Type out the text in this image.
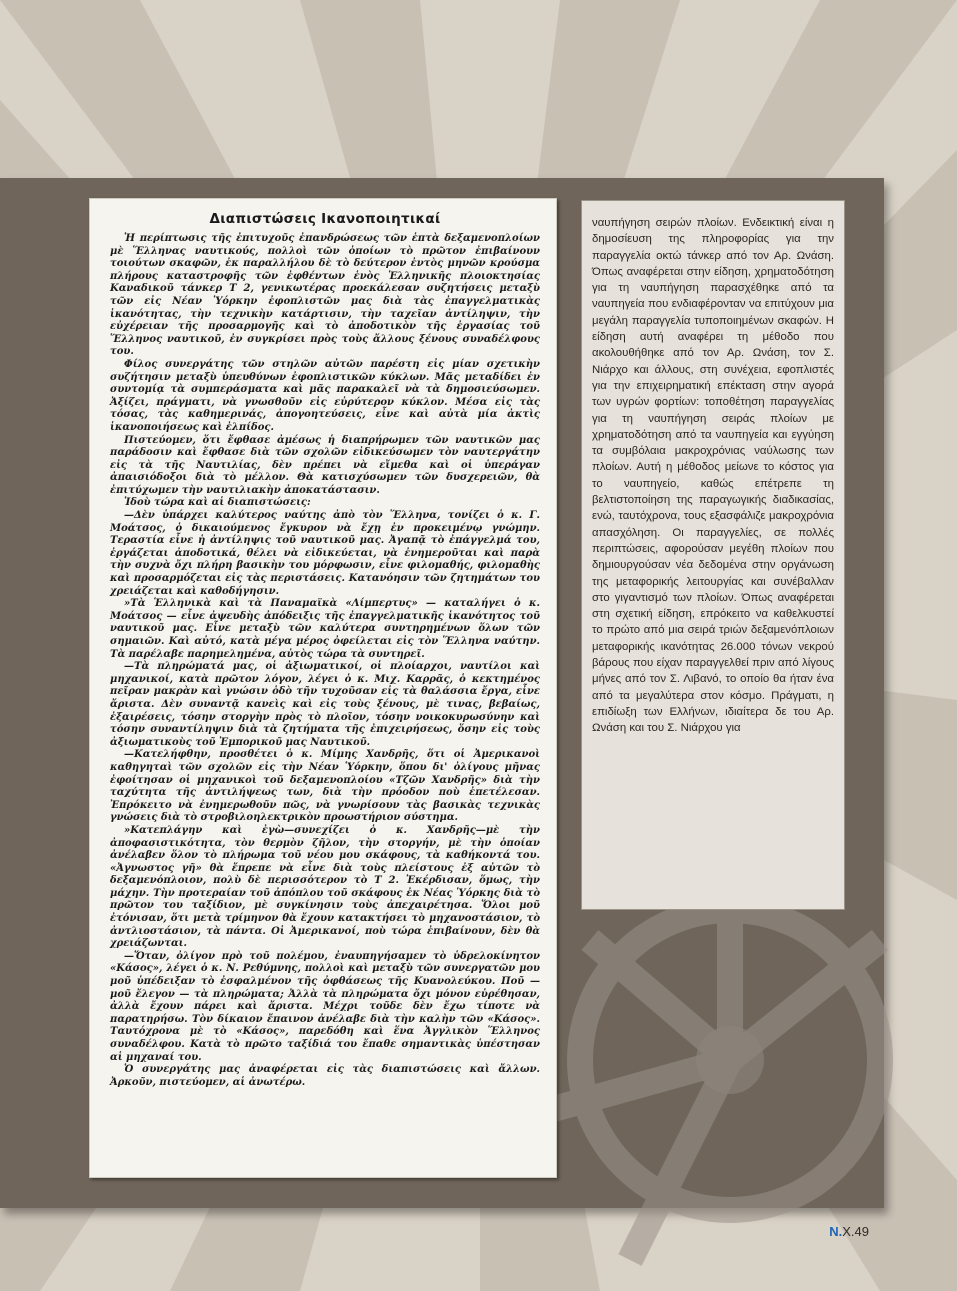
Διαπιστώσεις Ικανοποιητικαί

Ἡ περίπτωσις τῆς ἐπιτυχοῦς ἐπανδρώσεως τῶν ἑπτὰ δεξαμενοπλοίων μὲ Ἕλληνας ναυτικούς, πολλοὶ τῶν ὁποίων τὸ πρῶτον ἐπιβαίνουν τοιούτων σκαφῶν, ἐκ παραλλήλου δὲ τὸ δεύτερον ἐντὸς μηνῶν κρούσμα πλήρους καταστροφῆς τῶν ἐφθέντων ἑνὸς Ἑλληνικῆς πλοιοκτησίας Καναδικοῦ τάνκερ Τ 2, γενικωτέρας προεκάλεσαν συζητήσεις μεταξὺ τῶν εἰς Νέαν Ὑόρκην ἐφοπλιστῶν μας διὰ τὰς ἐπαγγελματικὰς ἱκανότητας, τὴν τεχνικὴν κατάρτισιν, τὴν ταχεῖαν ἀντίληψιν, τὴν εὐχέρειαν τῆς προσαρμογῆς καὶ τὸ ἀποδοτικὸν τῆς ἐργασίας τοῦ Ἕλληνος ναυτικοῦ, ἐν συγκρίσει πρὸς τοὺς ἄλλους ξένους συναδέλφους του.

Φίλος συνεργάτης τῶν στηλῶν αὐτῶν παρέστη εἰς μίαν σχετικὴν συζήτησιν μεταξὺ ὑπευθύνων ἐφοπλιστικῶν κύκλων. Μᾶς μεταδίδει ἐν συντομίᾳ τὰ συμπεράσματα καὶ μᾶς παρακαλεῖ νὰ τὰ δημοσιεύσωμεν. Ἀξίζει, πράγματι, νὰ γνωσθοῦν εἰς εὐρύτερον κύκλον. Μέσα εἰς τὰς τόσας, τὰς καθημερινάς, ἀπογοητεύσεις, εἶνε καὶ αὐτὰ μία ἀκτὶς ἱκανοποιήσεως καὶ ἐλπίδος.

Πιστεύομεν, ὅτι ἔφθασε ἀμέσως ἡ διαπρήρωμεν τῶν ναυτικῶν μας παράδοσιν καὶ ἔφθασε διὰ τῶν σχολῶν εἰδικεύσωμεν τὸν ναυτεργάτην εἰς τὰ τῆς Ναυτιλίας, δὲν πρέπει νὰ εἴμεθα καὶ οἱ ὑπεράγαν ἀπαισιόδοξοι διὰ τὸ μέλλον. Θὰ κατισχύσωμεν τῶν δυσχερειῶν, θὰ ἐπιτύχωμεν τὴν ναυτιλιακὴν ἀποκατάστασιν.

Ἰδοὺ τώρα καὶ αἱ διαπιστώσεις:

—Δὲν ὑπάρχει καλύτερος ναύτης ἀπὸ τὸν Ἕλληνα, τονίζει ὁ κ. Γ. Μοάτσος, ὁ δικαιούμενος ἔγκυρον νὰ ἔχῃ ἐν προκειμένῳ γνώμην. Τεραστία εἶνε ἡ ἀντίληψις τοῦ ναυτικοῦ μας. Ἀγαπᾷ τὸ ἐπάγγελμά του, ἐργάζεται ἀποδοτικά, θέλει νὰ εἰδικεύεται, νὰ ἐνημεροῦται καὶ παρὰ τὴν συχνὰ ὄχι πλήρη βασικὴν του μόρφωσιν, εἶνε φιλομαθής, φιλομαθὴς καὶ προσαρμόζεται εἰς τὰς περιστάσεις. Κατανόησιν τῶν ζητημάτων του χρειάζεται καὶ καθοδήγησιν.

»Τὰ Ἑλληνικὰ καὶ τὰ Παναμαϊκὰ «Λίμπερτυς» — καταλήγει ὁ κ. Μοάτσος — εἶνε ἀψευδὴς ἀπόδειξις τῆς ἐπαγγελματικῆς ἱκανότητος τοῦ ναυτικοῦ μας. Εἶνε μεταξὺ τῶν καλύτερα συντηρημένων ὅλων τῶν σημαιῶν. Καὶ αὐτό, κατὰ μέγα μέρος ὀφείλεται εἰς τὸν Ἕλληνα ναύτην. Τὰ παρέλαβε παρημελημένα, αὐτὸς τώρα τὰ συντηρεῖ.

—Τὰ πληρώματά μας, οἱ ἀξιωματικοί, οἱ πλοίαρχοι, ναυτίλοι καὶ μηχανικοί, κατὰ πρῶτον λόγον, λέγει ὁ κ. Μιχ. Καρρᾶς, ὁ κεκτημένος πεῖραν μακρὰν καὶ γνώσιν ὁδὸ τῆν τυχοῦσαν εἰς τὰ θαλάσσια ἔργα, εἶνε ἄριστα. Δὲν συναντᾷ κανεὶς καὶ εἰς τοὺς ξένους, μὲ τινας, βεβαίως, ἐξαιρέσεις, τόσην στοργὴν πρὸς τὸ πλοῖον, τόσην νοικοκυρωσύνην καὶ τόσην συναντίληψιν διὰ τὰ ζητήματα τῆς ἐπιχειρήσεως, ὅσην εἰς τοὺς ἀξιωματικοὺς τοῦ Ἐμπορικοῦ μας Ναυτικοῦ.

—Κατελήφθην, προσθέτει ὁ κ. Μίμης Χανδρῆς, ὅτι οἱ Ἀμερικανοὶ καθηγηταὶ τῶν σχολῶν εἰς τὴν Νέαν Ὑόρκην, ὅπου δι' ὀλίγους μῆνας ἐφοίτησαν οἱ μηχανικοὶ τοῦ δεξαμενοπλοίου «Τζῶν Χανδρῆς» διὰ τὴν ταχύτητα τῆς ἀντιλήψεως των, διὰ τὴν πρόοδον ποὺ ἐπετέλεσαν. Ἐπρόκειτο νὰ ἐνημερωθοῦν πῶς, νὰ γνωρίσουν τὰς βασικὰς τεχνικὰς γνώσεις διὰ τὸ στροβιλοηλεκτρικὸν προωστήριον σύστημα.

»Κατεπλάγην καὶ ἐγὼ—συνεχίζει ὁ κ. Χανδρῆς—μὲ τὴν ἀποφασιστικότητα, τὸν θερμὸν ζῆλον, τὴν στοργήν, μὲ τὴν ὁποίαν ἀνέλαβεν ὅλον τὸ πλήρωμα τοῦ νέου μου σκάφους, τὰ καθήκοντά του. «Ἀγνωστος γῆ» θὰ ἔπρεπε νὰ εἶνε διὰ τοὺς πλείστους ἐξ αὐτῶν τὸ δεξαμενόπλοιον, πολὺ δὲ περισσότερον τὸ Τ 2. Ἐκέρδισαν, ὅμως, τὴν μάχην. Τὴν προτεραίαν τοῦ ἀπόπλου τοῦ σκάφους ἐκ Νέας Ὑόρκης διὰ τὸ πρῶτον του ταξίδιον, μὲ συγκίνησιν τοὺς ἀπεχαιρέτησα. Ὅλοι μοῦ ἐτόνισαν, ὅτι μετὰ τρίμηνον θὰ ἔχουν κατακτήσει τὸ μηχανοστάσιον, τὸ ἀντλιοστάσιον, τὰ πάντα. Οἱ Ἀμερικανοί, ποὺ τώρα ἐπιβαίνουν, δὲν θὰ χρειάζωνται.

—Ὅταν, ὀλίγον πρὸ τοῦ πολέμου, ἐναυπηγήσαμεν τὸ ὑδρελοκίνητον «Κάσος», λέγει ὁ κ. Ν. Ρεθύμνης, πολλοὶ καὶ μεταξὺ τῶν συνεργατῶν μου μοῦ ὑπέδειξαν τὸ ἐσφαλμένον τῆς ὀφθάσεως τῆς Κυανολεύκου. Ποῦ — μοῦ ἔλεγον — τὰ πληρώματα; Ἀλλὰ τὰ πληρώματα ὄχι μόνον εὑρέθησαν, ἀλλὰ ἔχουν πάρει καὶ ἄριστα. Μέχρι τοῦδε δὲν ἔχω τίποτε νὰ παρατηρήσω. Τὸν δίκαιον ἔπαινον ἀνέλαβε διὰ τὴν καλὴν τῶν «Κάσος». Ταυτόχρονα μὲ τὸ «Κάσος», παρεδόθη καὶ ἕνα Ἀγγλικὸν Ἕλληνος συναδέλφου. Κατὰ τὸ πρῶτο ταξίδιά του ἔπαθε σημαντικὰς ὑπέστησαν αἱ μηχαναί του.

Ὁ συνεργάτης μας ἀναφέρεται εἰς τὰς διαπιστώσεις καὶ ἄλλων. Ἀρκοῦν, πιστεύομεν, αἱ ἀνωτέρω.

ναυπήγηση σειρών πλοίων. Ενδεικτική είναι η δημοσίευση της πληροφορίας για την παραγγελία οκτώ τάνκερ από τον Αρ. Ωνάση. Όπως αναφέρεται στην είδηση, χρηματοδότηση για τη ναυπήγηση παρασχέθηκε από τα ναυπηγεία που ενδιαφέρονταν να επιτύχουν μια μεγάλη παραγγελία τυποποιημένων σκαφών. Η είδηση αυτή αναφέρει τη μέθοδο που ακολουθήθηκε από τον Αρ. Ωνάση, τον Σ. Νιάρχο και άλλους, στη συνέχεια, εφοπλιστές για την επιχειρηματική επέκταση στην αγορά των υγρών φορτίων: τοποθέτηση παραγγελίας για τη ναυπήγηση σειράς πλοίων με χρηματοδότηση από τα ναυπηγεία και εγγύηση τα συμβόλαια μακροχρόνιας ναύλωσης των πλοίων. Αυτή η μέθοδος μείωνε το κόστος για το ναυπηγείο, καθώς επέτρεπε τη βελτιστοποίηση της παραγωγικής διαδικασίας, ενώ, ταυτόχρονα, τους εξασφάλιζε μακροχρόνια απασχόληση. Οι παραγγελίες, σε πολλές περιπτώσεις, αφορούσαν μεγέθη πλοίων που δημιουργούσαν νέα δεδομένα στην οργάνωση της μεταφορικής λειτουργίας και συνέβαλλαν στο γιγαντισμό των πλοίων. Όπως αναφέρεται στη σχετική είδηση, επρόκειτο να καθελκυστεί το πρώτο από μια σειρά τριών δεξαμενόπλοιων μεταφορικής ικανότητας 26.000 τόνων νεκρού βάρους που είχαν παραγγελθεί πριν από λίγους μήνες από τον Σ. Λιβανό, το οποίο θα ήταν ένα από τα μεγαλύτερα στον κόσμο. Πράγματι, η επιδίωξη των Ελλήνων, ιδιαίτερα δε του Αρ. Ωνάση και του Σ. Νιάρχου για

Ν.Χ.49
